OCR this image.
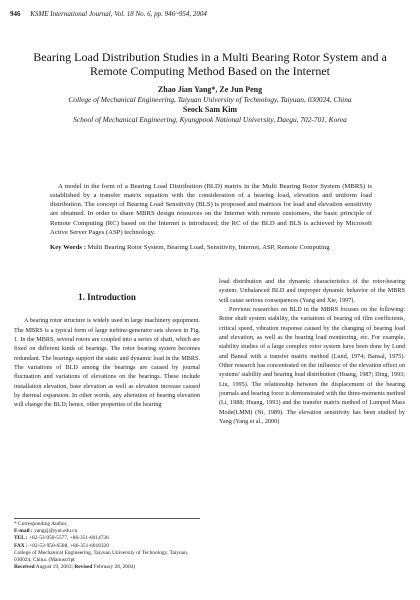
946 KSME International Journal, Vol. 18 No. 6, pp. 946~954, 2004
Bearing Load Distribution Studies in a Multi Bearing Rotor System and a Remote Computing Method Based on the Internet
Zhao Jian Yang*, Ze Jun Peng
College of Mechanical Engineering, Taiyuan University of Technology, Taiyuan, 030024, China
Seock Sam Kim
School of Mechanical Engineering, Kyungpook National University, Daegu, 702-701, Korea
A model in the form of a Bearing Load Distribution (BLD) matrix in the Multi Bearing Rotor System (MBRS) is established by a transfer matrix equation with the consideration of a bearing load, elevation and uniform load distribution. The concept of Bearing Load Sensitivity (BLS) is proposed and matrices for load and elevation sensitivity are obtained. In order to share MBRS design resources on the Internet with remote customers, the basic principle of Remote Computing (RC) based on the Internet is introduced; the RC of the BLD and BLS is achieved by Microsoft Active Server Pages (ASP) technology.
Key Words : Multi Bearing Rotor System, Bearing Load, Sensitivity, Internet, ASP, Remote Computing
1. Introduction

A bearing rotor structure is widely used in large machinery equipment. The MBRS is a typical form of large turbine-generator sets shown in Fig. 1. In the MBRS, several rotors are coupled into a series of shaft, which are fixed on different kinds of bearings. The rotor bearing system becomes redundant. The bearings support the static and dynamic load in the MBRS. The variations of BLD among the bearings are caused by journal fluctuation and variations of elevations on the bearings. These include installation elevation, base elevation as well as elevation increase caused by thermal expansion. In other words, any alteration of bearing elevation will change the BLD; hence, other properties of the bearing

load distribution and the dynamic characteristics of the rotor-bearing system. Unbalanced BLD and improper dynamic behavior of the MBRS will cause serious consequences (Yang and Xie, 1997).

Previous researches on BLD in the MBRS focuses on the following: Rotor shaft system stability, the variations of bearing oil film coefficients, critical speed, vibration response caused by the changing of bearing load and elevation, as well as the bearing load monitoring, etc. For example, stability studies of a large complex rotor system have been done by Lund and Bansal with a transfer matrix method (Lund, 1974; Bansal, 1975). Other research has concentrated on the influence of the elevation effect on systems' stability and bearing load distribution (Huang, 1987; Ding, 1993; Liu, 1995). The relationship between the displacement of the bearing journals and bearing force is demonstrated with the three-moments method (Li, 1988; Huang, 1993) and the transfer matrix method of Lumped Mass Mode(LMM) (Ni, 1989). The elevation sensitivity has been studied by Yang (Yang et al., 2000)

* Corresponding Author,
E-mail : yangzj@tyut.edu.cn
TEL : +82-53-950-5577, +86-351-6014736
FAX : +82-53-950-6588, +86-351-6018320
College of Mechanical Engineering, Taiyuan University of Technology, Taiyuan, 030024, China. (Manuscript
Received August 19, 2003; Revised February 28, 2004)
